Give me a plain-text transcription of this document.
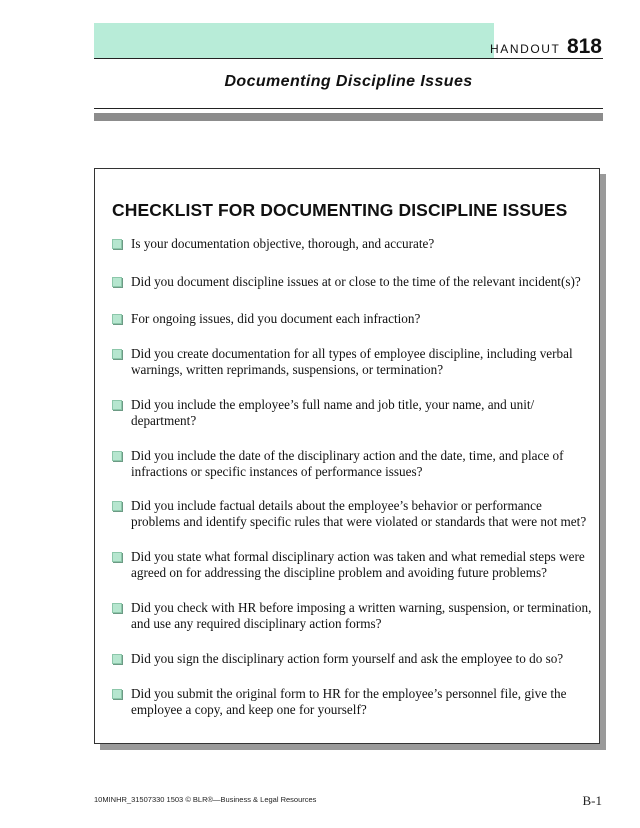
HANDOUT 818
Documenting Discipline Issues
CHECKLIST FOR DOCUMENTING DISCIPLINE ISSUES
Is your documentation objective, thorough, and accurate?
Did you document discipline issues at or close to the time of the relevant incident(s)?
For ongoing issues, did you document each infraction?
Did you create documentation for all types of employee discipline, including verbal warnings, written reprimands, suspensions, or termination?
Did you include the employee’s full name and job title, your name, and unit/ department?
Did you include the date of the disciplinary action and the date, time, and place of infractions or specific instances of performance issues?
Did you include factual details about the employee’s behavior or performance problems and identify specific rules that were violated or standards that were not met?
Did you state what formal disciplinary action was taken and what remedial steps were agreed on for addressing the discipline problem and avoiding future problems?
Did you check with HR before imposing a written warning, suspension, or termination, and use any required disciplinary action forms?
Did you sign the disciplinary action form yourself and ask the employee to do so?
Did you submit the original form to HR for the employee’s personnel file, give the employee a copy, and keep one for yourself?
10MINHR_31507330 1503 © BLR®—Business & Legal Resources	B-1
